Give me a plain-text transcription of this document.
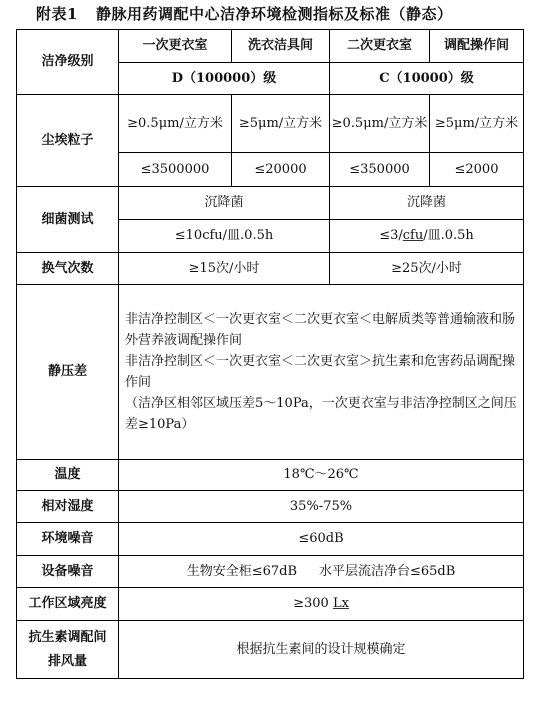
附表1 静脉用药调配中心洁净环境检测指标及标准（静态）
洁净级别	一次更衣室	洗衣洁具间	二次更衣室	调配操作间
	D（100000）级		C（10000）级	
尘埃粒子	≥0.5μm/立方米	≥5μm/立方米	≥0.5μm/立方米	≥5μm/立方米
	≤3500000	≤20000	≤350000	≤2000
细菌测试	沉降菌		沉降菌	
	≤10cfu/皿.0.5h		≤3/cfu/皿.0.5h	
换气次数	≥15次/小时		≥25次/小时	
静压差	非洁净控制区＜一次更衣室＜二次更衣室＜电解质类等普通输液和肠外营养液调配操作间
非洁净控制区＜一次更衣室＜二次更衣室＞抗生素和危害药品调配操作间
（洁净区相邻区域压差5～10Pa，一次更衣室与非洁净控制区之间压差≥10Pa）			

温度	18℃～26℃			
相对湿度	35%-75%			
环境噪音	≤60dB			
设备噪音	生物安全柜≤67dB 水平层流洁净台≤65dB			
工作区域亮度	≥300 Lx			

抗生素调配间
排风量	根据抗生素间的设计规模确定			
